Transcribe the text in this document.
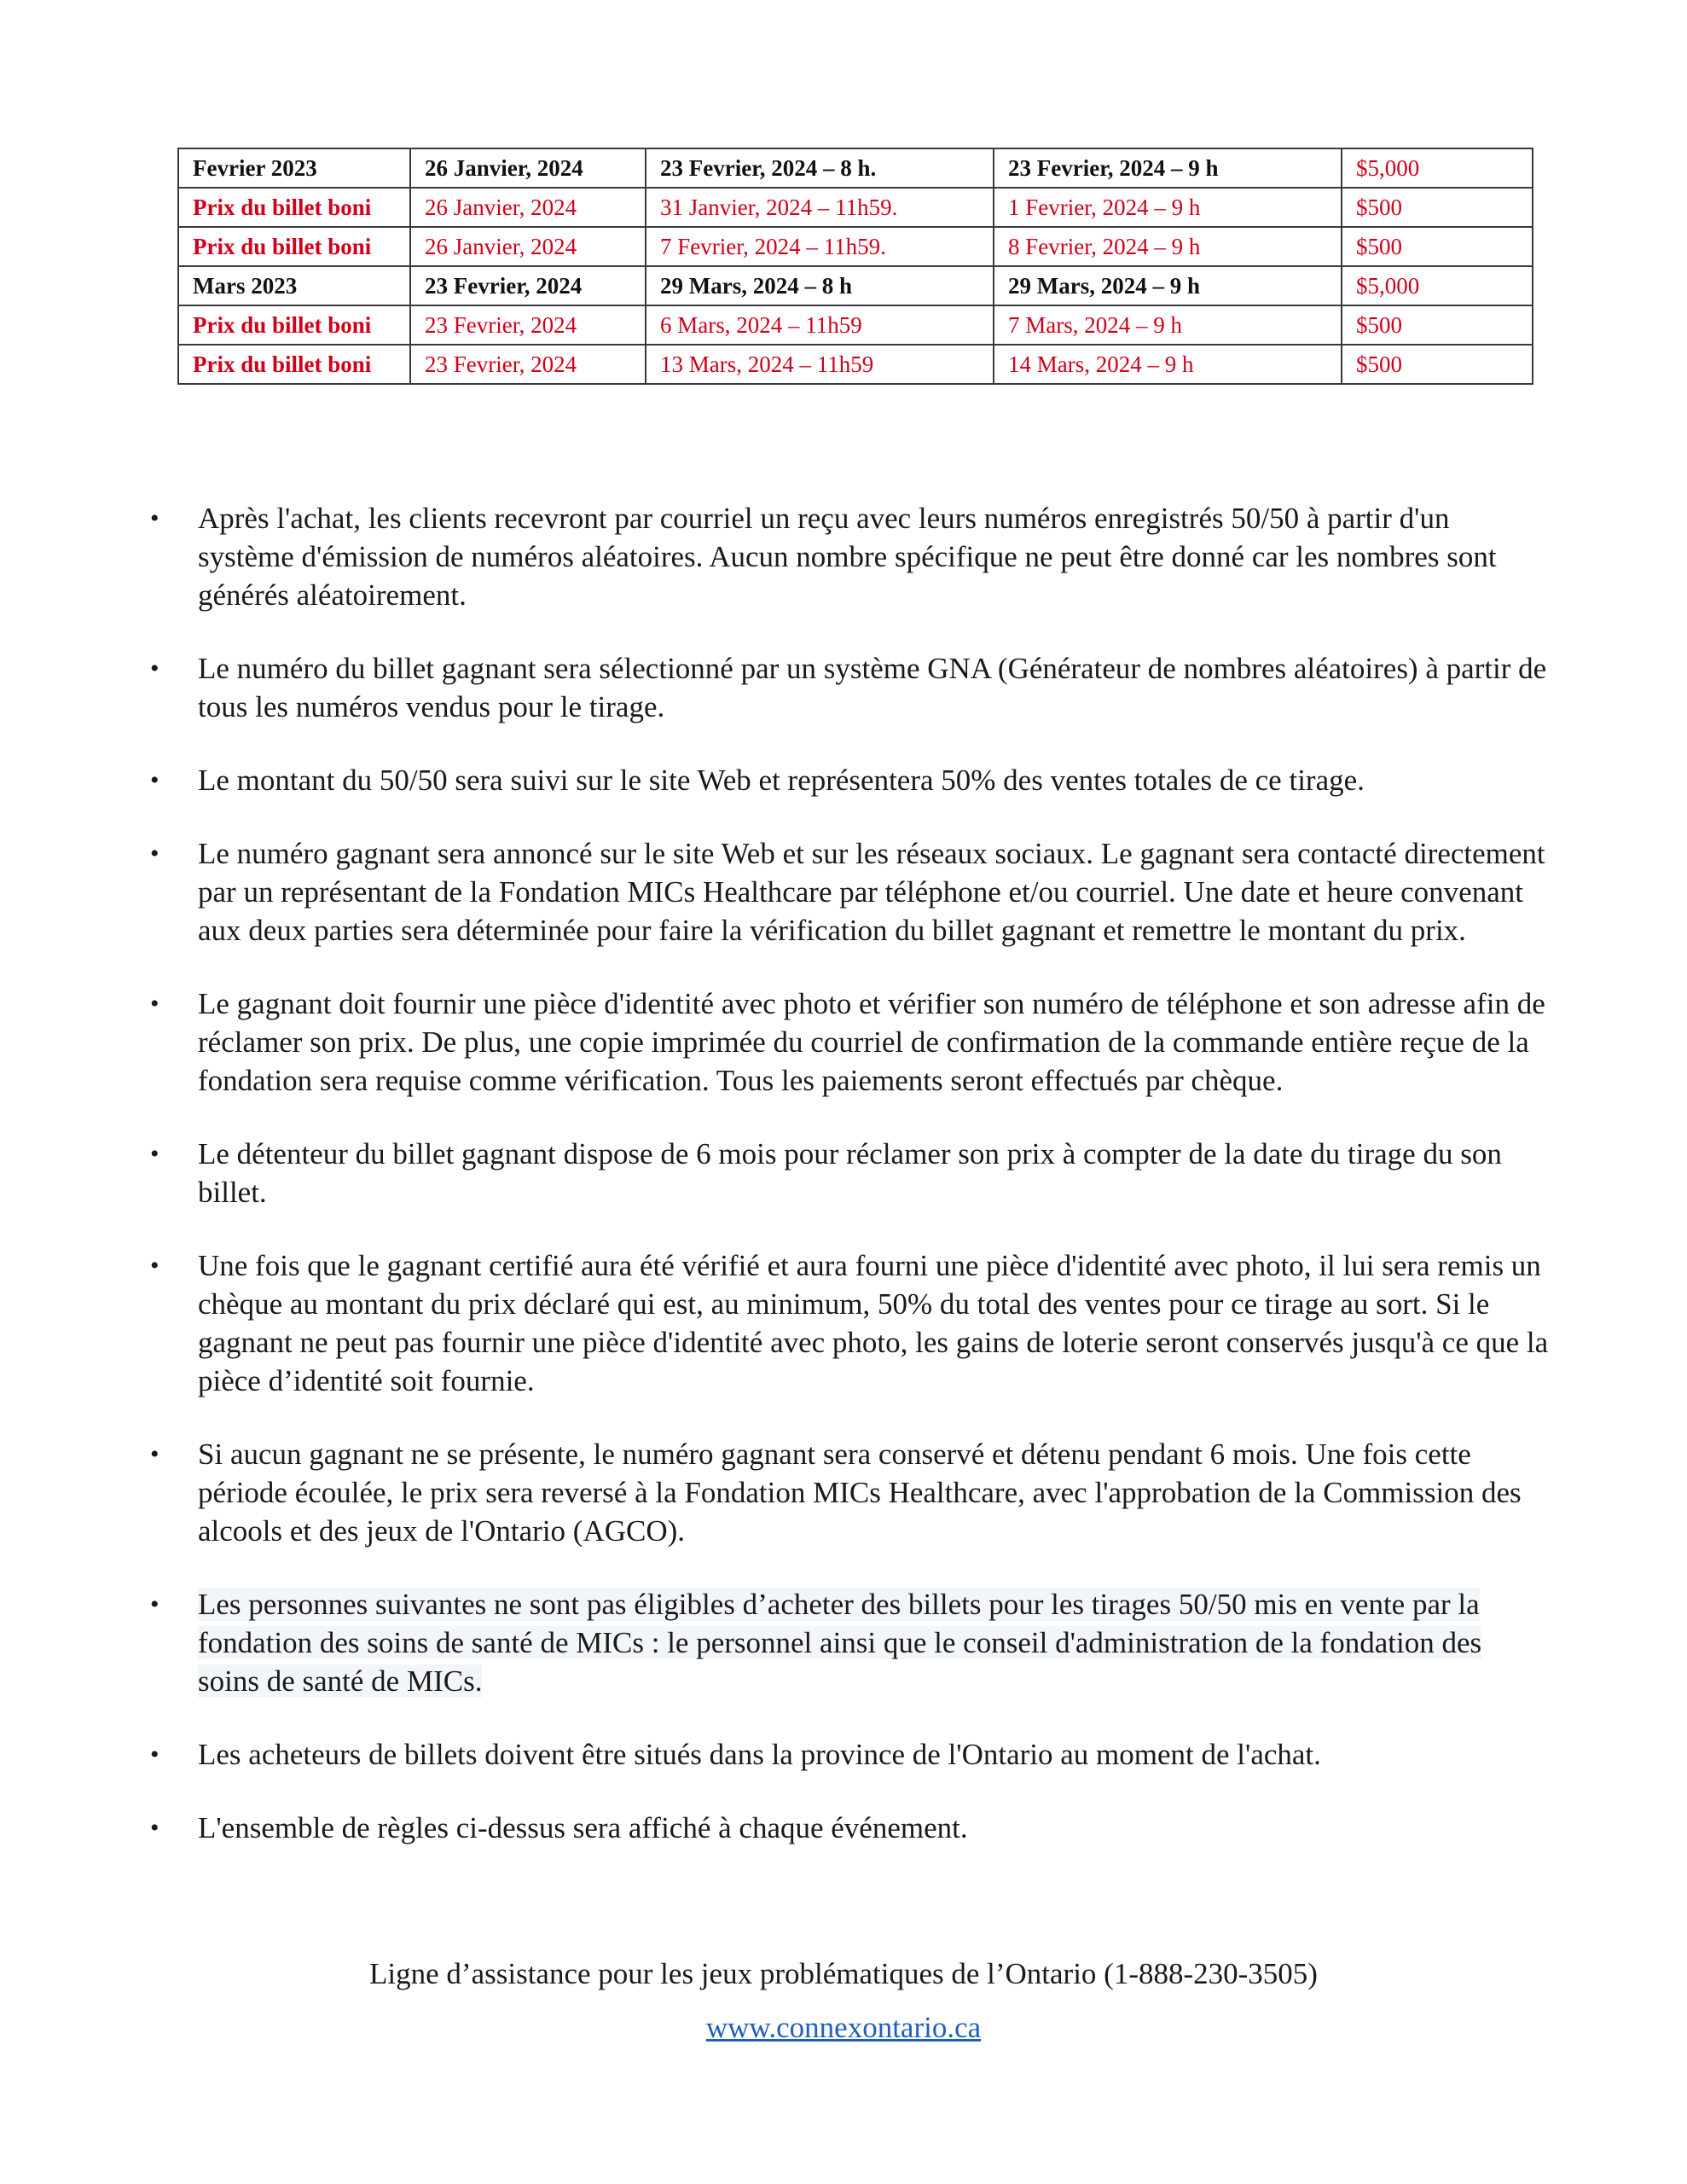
Fevrier 2023	26 Janvier, 2024	23 Fevrier, 2024 – 8 h.	23 Fevrier, 2024 – 9 h	$5,000
Prix du billet boni	26 Janvier, 2024	31 Janvier, 2024 – 11h59.	1 Fevrier, 2024 – 9 h	$500
Prix du billet boni	26 Janvier, 2024	7 Fevrier, 2024 – 11h59.	8 Fevrier, 2024 – 9 h	$500
Mars 2023	23 Fevrier, 2024	29 Mars, 2024 – 8 h	29 Mars, 2024 – 9 h	$5,000
Prix du billet boni	23 Fevrier, 2024	6 Mars, 2024 – 11h59	7 Mars, 2024 – 9 h	$500
Prix du billet boni	23 Fevrier, 2024	13 Mars, 2024 – 11h59	14 Mars, 2024 – 9 h	$500
• Après l'achat, les clients recevront par courriel un reçu avec leurs numéros enregistrés 50/50 à partir d'un système d'émission de numéros aléatoires. Aucun nombre spécifique ne peut être donné car les nombres sont générés aléatoirement.
• Le numéro du billet gagnant sera sélectionné par un système GNA (Générateur de nombres aléatoires) à partir de tous les numéros vendus pour le tirage.
• Le montant du 50/50 sera suivi sur le site Web et représentera 50% des ventes totales de ce tirage.
• Le numéro gagnant sera annoncé sur le site Web et sur les réseaux sociaux. Le gagnant sera contacté directement par un représentant de la Fondation MICs Healthcare par téléphone et/ou courriel. Une date et heure convenant aux deux parties sera déterminée pour faire la vérification du billet gagnant et remettre le montant du prix.
• Le gagnant doit fournir une pièce d'identité avec photo et vérifier son numéro de téléphone et son adresse afin de réclamer son prix. De plus, une copie imprimée du courriel de confirmation de la commande entière reçue de la fondation sera requise comme vérification. Tous les paiements seront effectués par chèque.
• Le détenteur du billet gagnant dispose de 6 mois pour réclamer son prix à compter de la date du tirage du son billet.
• Une fois que le gagnant certifié aura été vérifié et aura fourni une pièce d'identité avec photo, il lui sera remis un chèque au montant du prix déclaré qui est, au minimum, 50% du total des ventes pour ce tirage au sort. Si le gagnant ne peut pas fournir une pièce d'identité avec photo, les gains de loterie seront conservés jusqu'à ce que la pièce d’identité soit fournie.
• Si aucun gagnant ne se présente, le numéro gagnant sera conservé et détenu pendant 6 mois. Une fois cette période écoulée, le prix sera reversé à la Fondation MICs Healthcare, avec l'approbation de la Commission des alcools et des jeux de l'Ontario (AGCO).
• Les personnes suivantes ne sont pas éligibles d’acheter des billets pour les tirages 50/50 mis en vente par la fondation des soins de santé de MICs : le personnel ainsi que le conseil d'administration de la fondation des soins de santé de MICs.
• Les acheteurs de billets doivent être situés dans la province de l'Ontario au moment de l'achat.
• L'ensemble de règles ci-dessus sera affiché à chaque événement.
Ligne d’assistance pour les jeux problématiques de l’Ontario (1-888-230-3505)
www.connexontario.ca
